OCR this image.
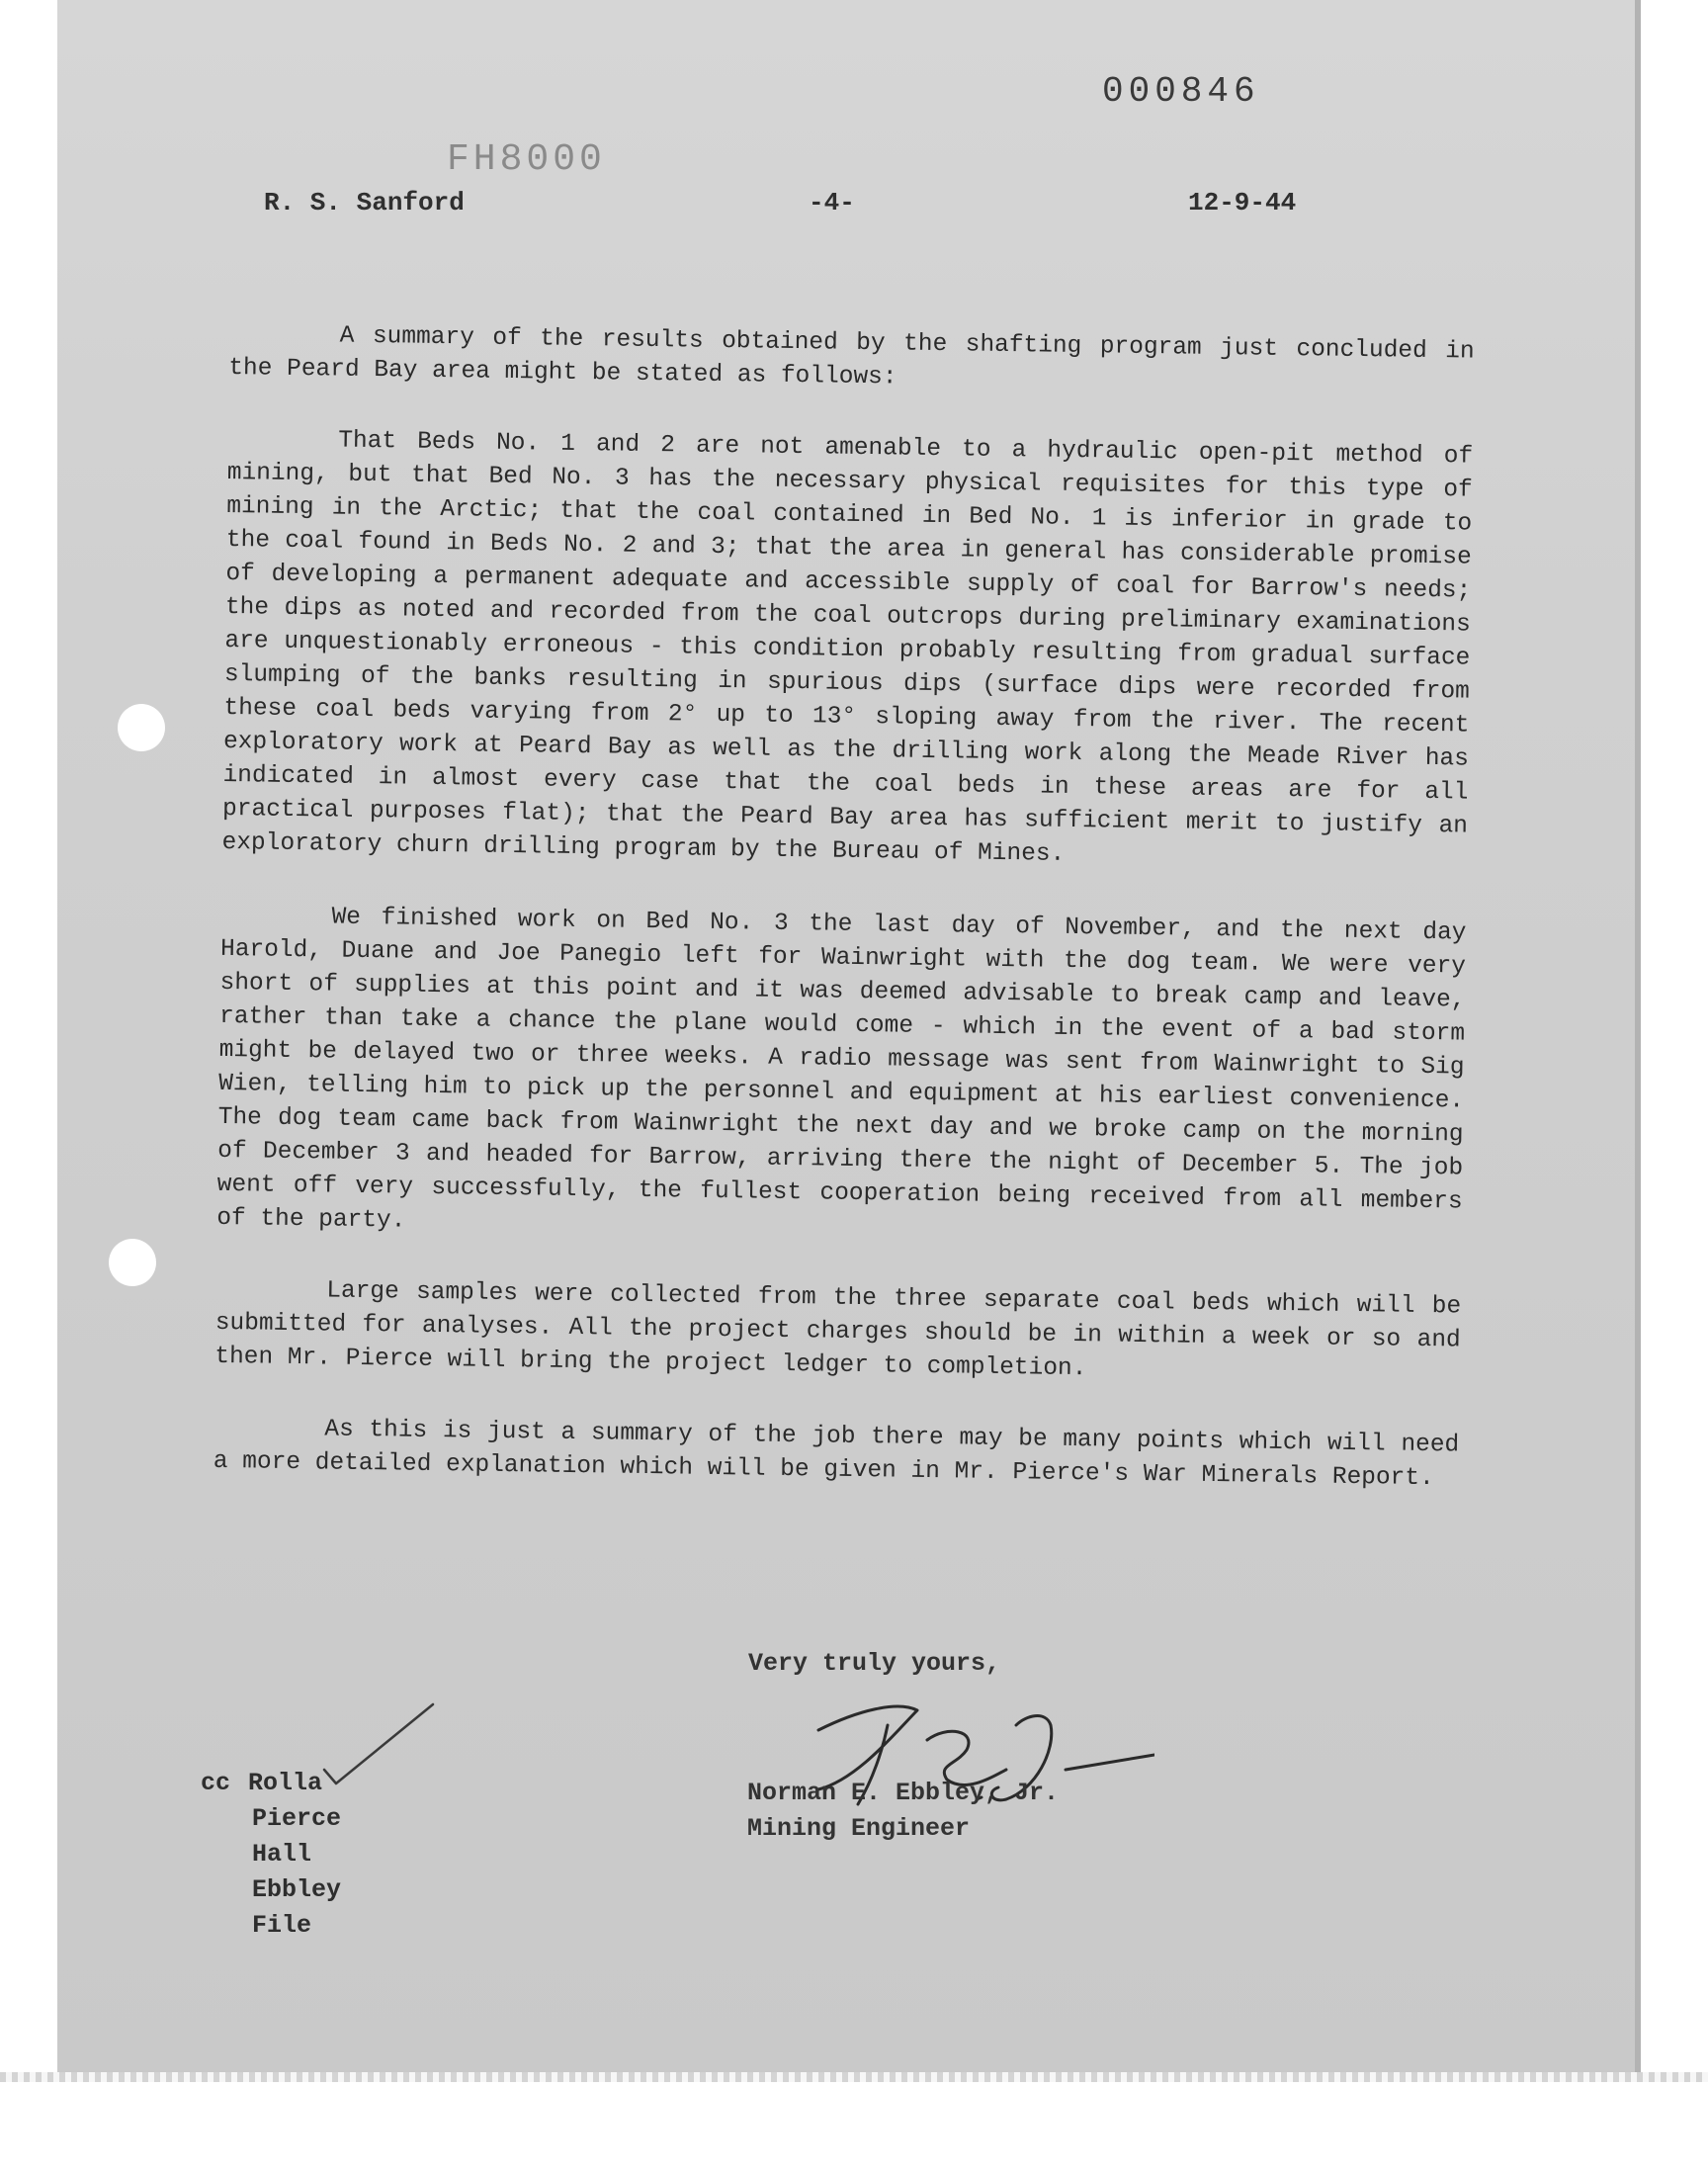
000846
FH8000
R. S. Sanford	-4-	12-9-44

A summary of the results obtained by the shafting program just concluded in the Peard Bay area might be stated as follows:

That Beds No. 1 and 2 are not amenable to a hydraulic open-pit method of mining, but that Bed No. 3 has the necessary physical requisites for this type of mining in the Arctic; that the coal contained in Bed No. 1 is inferior in grade to the coal found in Beds No. 2 and 3; that the area in general has considerable promise of developing a permanent adequate and accessible supply of coal for Barrow's needs; the dips as noted and recorded from the coal outcrops during preliminary examinations are unquestionably erroneous - this condition probably resulting from gradual surface slumping of the banks resulting in spurious dips (surface dips were recorded from these coal beds varying from 2° up to 13° sloping away from the river. The recent exploratory work at Peard Bay as well as the drilling work along the Meade River has indicated in almost every case that the coal beds in these areas are for all practical purposes flat); that the Peard Bay area has sufficient merit to justify an exploratory churn drilling program by the Bureau of Mines.

We finished work on Bed No. 3 the last day of November, and the next day Harold, Duane and Joe Panegio left for Wainwright with the dog team. We were very short of supplies at this point and it was deemed advisable to break camp and leave, rather than take a chance the plane would come - which in the event of a bad storm might be delayed two or three weeks. A radio message was sent from Wainwright to Sig Wien, telling him to pick up the personnel and equipment at his earliest convenience. The dog team came back from Wainwright the next day and we broke camp on the morning of December 3 and headed for Barrow, arriving there the night of December 5. The job went off very successfully, the fullest cooperation being received from all members of the party.

Large samples were collected from the three separate coal beds which will be submitted for analyses. All the project charges should be in within a week or so and then Mr. Pierce will bring the project ledger to completion.

As this is just a summary of the job there may be many points which will need a more detailed explanation which will be given in Mr. Pierce's War Minerals Report.

Very truly yours,
Norman E. Ebbley, Jr.
Mining Engineer
cc Rolla
Pierce
Hall
Ebbley
File
